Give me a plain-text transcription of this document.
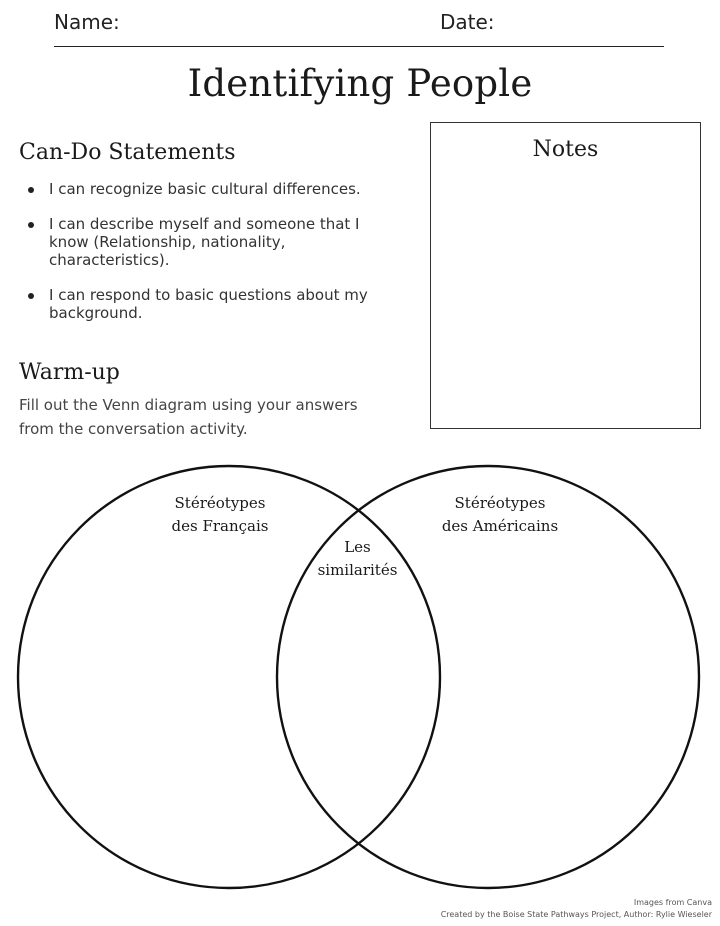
Name:	Date:
Identifying People
Can-Do Statements
I can recognize basic cultural differences.
I can describe myself and someone that I know (Relationship, nationality, characteristics).
I can respond to basic questions about my background.
Warm-up
Fill out the Venn diagram using your answers from the conversation activity.
Notes
Stéréotypes
des Français
Stéréotypes
des Américains
Les
similarités
Images from Canva
Created by the Boise State Pathways Project, Author: Rylie Wieseler
